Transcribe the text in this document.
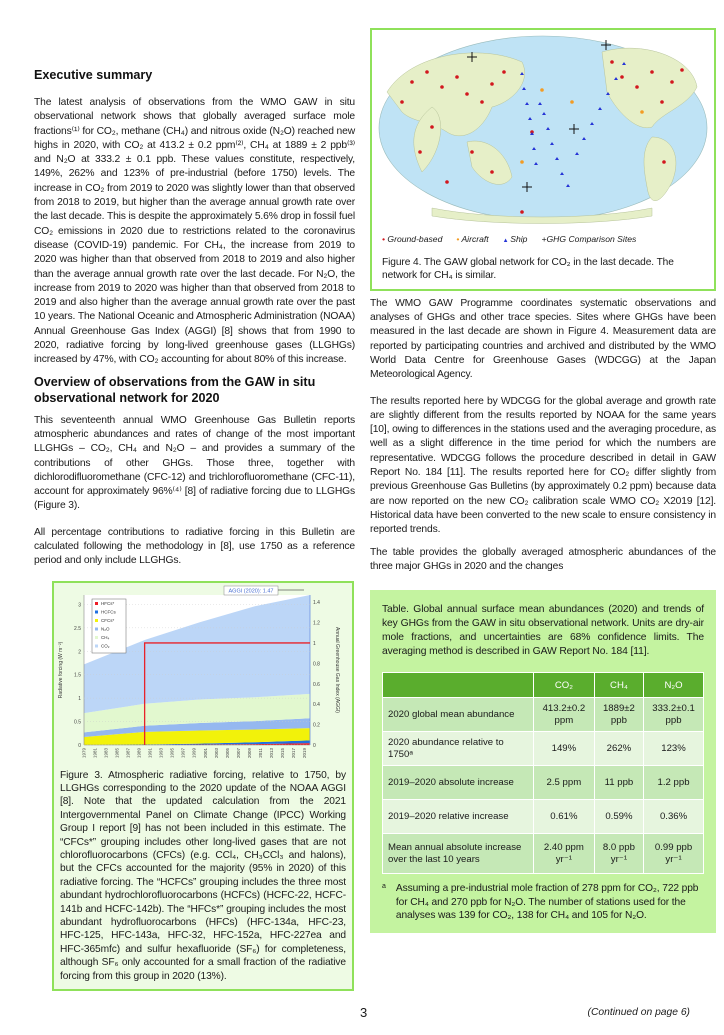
Executive summary

The latest analysis of observations from the WMO GAW in situ observational network shows that globally averaged surface mole fractions⁽¹⁾ for CO₂, methane (CH₄) and nitrous oxide (N₂O) reached new highs in 2020, with CO₂ at 413.2 ± 0.2 ppm⁽²⁾, CH₄ at 1889 ± 2 ppb⁽³⁾ and N₂O at 333.2 ± 0.1 ppb. These values constitute, respectively, 149%, 262% and 123% of pre-industrial (before 1750) levels. The increase in CO₂ from 2019 to 2020 was slightly lower than that observed from 2018 to 2019, but higher than the average annual growth rate over the last decade. This is despite the approximately 5.6% drop in fossil fuel CO₂ emissions in 2020 due to restrictions related to the coronavirus disease (COVID-19) pandemic. For CH₄, the increase from 2019 to 2020 was higher than that observed from 2018 to 2019 and also higher than the average annual growth rate over the last decade. For N₂O, the increase from 2019 to 2020 was higher than that observed from 2018 to 2019 and also higher than the average annual growth rate over the past 10 years. The National Oceanic and Atmospheric Administration (NOAA) Annual Greenhouse Gas Index (AGGI) [8] shows that from 1990 to 2020, radiative forcing by long-lived greenhouse gases (LLGHGs) increased by 47%, with CO₂ accounting for about 80% of this increase.

Overview of observations from the GAW in situ observational network for 2020

This seventeenth annual WMO Greenhouse Gas Bulletin reports atmospheric abundances and rates of change of the most important LLGHGs – CO₂, CH₄ and N₂O – and provides a summary of the contributions of other GHGs. Those three, together with dichlorodifluoromethane (CFC-12) and trichlorofluoromethane (CFC-11), account for approximately 96%⁽⁴⁾ [8] of radiative forcing due to LLGHGs (Figure 3).

All percentage contributions to radiative forcing in this Bulletin are calculated following the methodology in [8], use 1750 as a reference period and only include LLGHGs.

0
0.5
1
1.5
2
2.5
3
0
0.2
0.4
0.6
0.8
1
1.2
1.4
1979 1981 1983 1985 1987 1989 1991 1993 1995 1997 1999 2001 2003 2005 2007 2009 2011 2013 2015 2017 2019
Radiative forcing (W m⁻²)	Annual Greenhouse Gas Index (AGGI)
AGGI (2020): 1.47
HFCs*
HCFCs
CFCs*
N₂O
CH₄
CO₂
Figure 3. Atmospheric radiative forcing, relative to 1750, by LLGHGs corresponding to the 2020 update of the NOAA AGGI [8]. Note that the updated calculation from the 2021 Intergovernmental Panel on Climate Change (IPCC) Working Group I report [9] has not been included in this estimate. The “CFCs*” grouping includes other long-lived gases that are not chlorofluorocarbons (CFCs) (e.g. CCl₄, CH₃CCl₃ and halons), but the CFCs accounted for the majority (95% in 2020) of this radiative forcing. The “HCFCs” grouping includes the three most abundant hydrochlorofluorocarbons (HCFCs) (HCFC-22, HCFC-141b and HCFC-142b). The “HFCs*” grouping includes the most abundant hydrofluorocarbons (HFCs) (HFC-134a, HFC-23, HFC-125, HFC-143a, HFC-32, HFC-152a, HFC-227ea and HFC-365mfc) and sulfur hexafluoride (SF₆) for completeness, although SF₆ only accounted for a small fraction of the radiative forcing from this group in 2020 (13%).
• Ground-based • Aircraft ▲ Ship +GHG Comparison Sites
Figure 4. The GAW global network for CO₂ in the last decade. The network for CH₄ is similar.

The WMO GAW Programme coordinates systematic observations and analyses of GHGs and other trace species. Sites where GHGs have been measured in the last decade are shown in Figure 4. Measurement data are reported by participating countries and archived and distributed by the WMO World Data Centre for Greenhouse Gases (WDCGG) at the Japan Meteorological Agency.

The results reported here by WDCGG for the global average and growth rate are slightly different from the results reported by NOAA for the same years [10], owing to differences in the stations used and the averaging procedure, as well as a slight difference in the time period for which the numbers are representative. WDCGG follows the procedure described in detail in GAW Report No. 184 [11]. The results reported here for CO₂ differ slightly from previous Greenhouse Gas Bulletins (by approximately 0.2 ppm) because data are now reported on the new CO₂ calibration scale WMO CO₂ X2019 [12]. Historical data have been converted to the new scale to ensure consistency in reported trends.

The table provides the globally averaged atmospheric abundances of the three major GHGs in 2020 and the changes

Table. Global annual surface mean abundances (2020) and trends of key GHGs from the GAW in situ observational network. Units are dry-air mole fractions, and uncertainties are 68% confidence limits. The averaging method is described in GAW Report No. 184 [11].
	CO₂	CH₄	N₂O
2020 global mean abundance	413.2±0.2 ppm	1889±2 ppb	333.2±0.1 ppb
2020 abundance relative to 1750ᵃ	149%	262%	123%
2019–2020 absolute increase	2.5 ppm	11 ppb	1.2 ppb
2019–2020 relative increase	0.61%	0.59%	0.36%
Mean annual absolute increase over the last 10 years	2.40 ppm yr⁻¹	8.0 ppb yr⁻¹	0.99 ppb yr⁻¹
a Assuming a pre-industrial mole fraction of 278 ppm for CO₂, 722 ppb for CH₄ and 270 ppb for N₂O. The number of stations used for the analyses was 139 for CO₂, 138 for CH₄ and 105 for N₂O.
3	(Continued on page 6)
